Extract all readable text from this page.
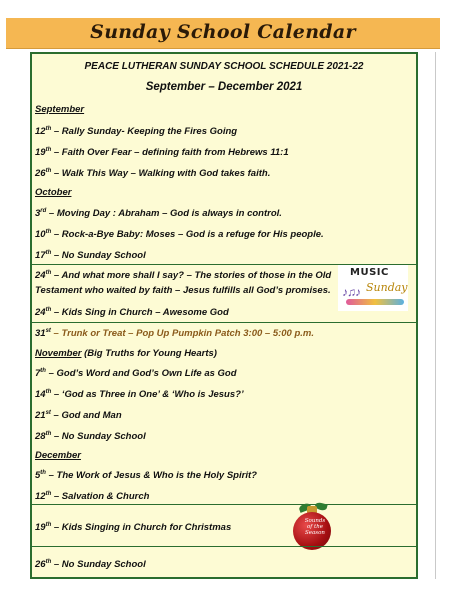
Sunday School Calendar
PEACE LUTHERAN SUNDAY SCHOOL SCHEDULE 2021-22
September – December 2021
September
12th – Rally Sunday- Keeping the Fires Going
19th – Faith Over Fear – defining faith from Hebrews 11:1
26th – Walk This Way – Walking with God takes faith.
October
3rd – Moving Day : Abraham – God is always in control.
10th – Rock-a-Bye Baby: Moses – God is a refuge for His people.
17th – No Sunday School
24th – And what more shall I say? – The stories of those in the Old
Testament who waited by faith – Jesus fulfills all God’s promises.
24th – Kids Sing in Church – Awesome God
MUSIC
♪♫♪ Sunday
31st – Trunk or Treat – Pop Up Pumpkin Patch 3:00 – 5:00 p.m.
November (Big Truths for Young Hearts)
7th – God’s Word and God’s Own Life as God
14th – ‘God as Three in One’ & ‘Who is Jesus?’
21st – God and Man
28th – No Sunday School
December
5th – The Work of Jesus & Who is the Holy Spirit?
12th – Salvation & Church
19th – Kids Singing in Church for Christmas
Sounds of the Season
26th – No Sunday School
